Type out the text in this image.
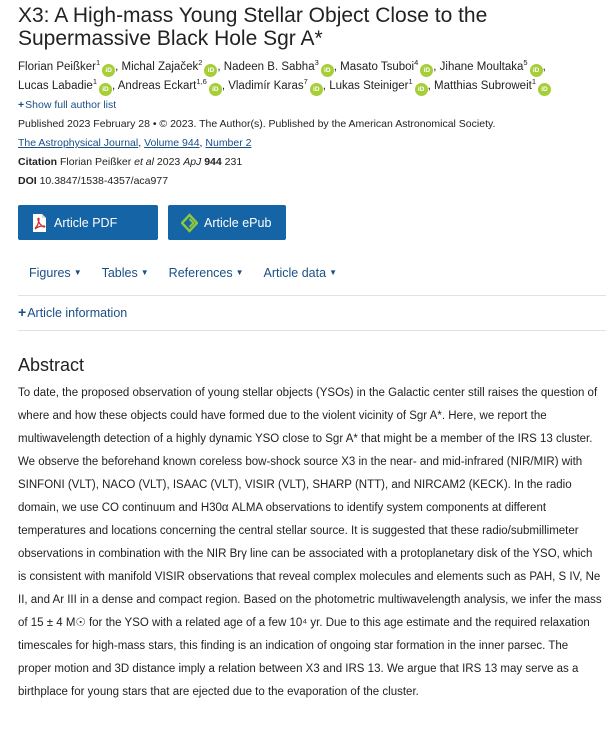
X3: A High-mass Young Stellar Object Close to the Supermassive Black Hole Sgr A*
Florian Peißker$^1$iD , Michal Zajaček$^2$iD , Nadeen B. Sabha$^3$iD , Masato Tsuboi$^4$iD , Jihane Moultaka$^5$iD , Lucas Labadie$^1$iD , Andreas Eckart$^{1,6}$iD , Vladimír Karas$^7$iD , Lukas Steiniger$^1$iD , Matthias Subroweit$^1$iD +Show full author list
Published 2023 February 28 • © 2023. The Author(s). Published by the American Astronomical Society.
The Astrophysical Journal, Volume 944, Number 2
Citation Florian Peißker et al 2023 ApJ 944 231
DOI 10.3847/1538-4357/aca977
Article PDF	Article ePub
Figures ▼ Tables ▼ References ▼ Article data ▼
+Article information
Abstract
To date, the proposed observation of young stellar objects (YSOs) in the Galactic center still raises the question of where and how these objects could have formed due to the violent vicinity of Sgr A*. Here, we report the multiwavelength detection of a highly dynamic YSO close to Sgr A* that might be a member of the IRS 13 cluster. We observe the beforehand known coreless bow-shock source X3 in the near- and mid-infrared (NIR/MIR) with SINFONI (VLT), NACO (VLT), ISAAC (VLT), VISIR (VLT), SHARP (NTT), and NIRCAM2 (KECK). In the radio domain, we use CO continuum and H30α ALMA observations to identify system components at different temperatures and locations concerning the central stellar source. It is suggested that these radio/submillimeter observations in combination with the NIR Brγ line can be associated with a protoplanetary disk of the YSO, which is consistent with manifold VISIR observations that reveal complex molecules and elements such as PAH, S IV, Ne II, and Ar III in a dense and compact region. Based on the photometric multiwavelength analysis, we infer the mass of 15 ± 4 M☉ for the YSO with a related age of a few 10⁴ yr. Due to this age estimate and the required relaxation timescales for high-mass stars, this finding is an indication of ongoing star formation in the inner parsec. The proper motion and 3D distance imply a relation between X3 and IRS 13. We argue that IRS 13 may serve as a birthplace for young stars that are ejected due to the evaporation of the cluster.
